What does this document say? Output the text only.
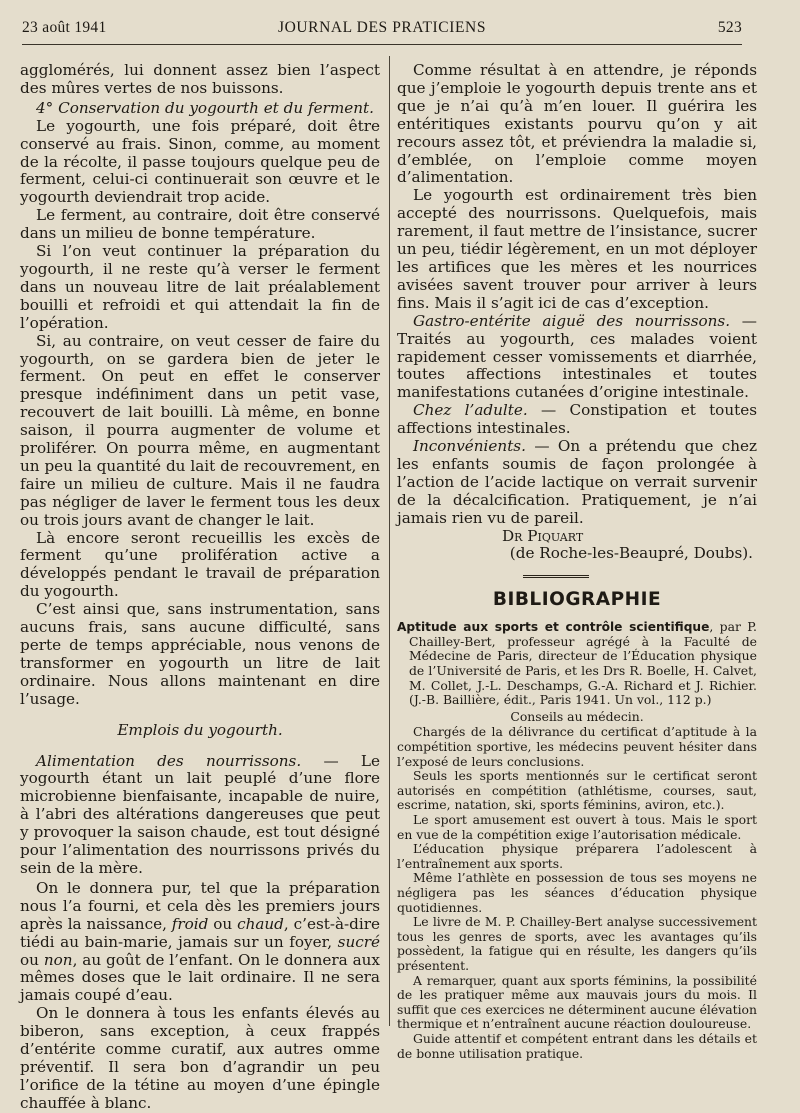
23 août 1941	JOURNAL DES PRATICIENS	523

agglomérés, lui donnent assez bien l’aspect des mûres vertes de nos buissons.

4° Conservation du yogourth et du ferment.

Le yogourth, une fois préparé, doit être conservé au frais. Sinon, comme, au moment de la récolte, il passe toujours quelque peu de ferment, celui-ci continuerait son œuvre et le yogourth deviendrait trop acide.

Le ferment, au contraire, doit être conservé dans un milieu de bonne température.

Si l’on veut continuer la préparation du yogourth, il ne reste qu’à verser le ferment dans un nouveau litre de lait préalablement bouilli et refroidi et qui attendait la fin de l’opération.

Si, au contraire, on veut cesser de faire du yogourth, on se gardera bien de jeter le ferment. On peut en effet le conserver presque indéfiniment dans un petit vase, recouvert de lait bouilli. Là même, en bonne saison, il pourra augmenter de volume et proliférer. On pourra même, en augmentant un peu la quantité du lait de recouvrement, en faire un milieu de culture. Mais il ne faudra pas négliger de laver le ferment tous les deux ou trois jours avant de changer le lait.

Là encore seront recueillis les excès de ferment qu’une prolifération active a développés pendant le travail de préparation du yogourth.

C’est ainsi que, sans instrumentation, sans aucuns frais, sans aucune difficulté, sans perte de temps appréciable, nous venons de transformer en yogourth un litre de lait ordinaire. Nous allons maintenant en dire l’usage.

Emplois du yogourth.

Alimentation des nourrissons. — Le yogourth étant un lait peuplé d’une flore microbienne bienfaisante, incapable de nuire, à l’abri des altérations dangereuses que peut y provoquer la saison chaude, est tout désigné pour l’alimentation des nourrissons privés du sein de la mère.

On le donnera pur, tel que la préparation nous l’a fourni, et cela dès les premiers jours après la naissance, froid ou chaud, c’est-à-dire tiédi au bain-marie, jamais sur un foyer, sucré ou non, au goût de l’enfant. On le donnera aux mêmes doses que le lait ordinaire. Il ne sera jamais coupé d’eau.

On le donnera à tous les enfants élevés au biberon, sans exception, à ceux frappés d’entérite comme curatif, aux autres omme préventif. Il sera bon d’agrandir un peu l’orifice de la tétine au moyen d’une épingle chauffée à blanc.

Comme résultat à en attendre, je réponds que j’emploie le yogourth depuis trente ans et que je n’ai qu’à m’en louer. Il guérira les entéritiques existants pourvu qu’on y ait recours assez tôt, et préviendra la maladie si, d’emblée, on l’emploie comme moyen d’alimentation.

Le yogourth est ordinairement très bien accepté des nourrissons. Quelquefois, mais rarement, il faut mettre de l’insistance, sucrer un peu, tiédir légèrement, en un mot déployer les artifices que les mères et les nourrices avisées savent trouver pour arriver à leurs fins. Mais il s’agit ici de cas d’exception.

Gastro-entérite aiguë des nourrissons. — Traités au yogourth, ces malades voient rapidement cesser vomissements et diarrhée, toutes affections intestinales et toutes manifestations cutanées d’origine intestinale.

Chez l’adulte. — Constipation et toutes affections intestinales.

Inconvénients. — On a prétendu que chez les enfants soumis de façon prolongée à l’action de l’acide lactique on verrait survenir de la décalcification. Pratiquement, je n’ai jamais rien vu de pareil.

Dr Piquart

(de Roche-les-Beaupré, Doubs).

BIBLIOGRAPHIE

Aptitude aux sports et contrôle scientifique, par P. Chailley-Bert, professeur agrégé à la Faculté de Médecine de Paris, directeur de l’Éducation physique de l’Université de Paris, et les Drs R. Boelle, H. Calvet, M. Collet, J.-L. Deschamps, G.-A. Richard et J. Richier. (J.-B. Baillière, édit., Paris 1941. Un vol., 112 p.)

Conseils au médecin.

Chargés de la délivrance du certificat d’aptitude à la compétition sportive, les médecins peuvent hésiter dans l’exposé de leurs conclusions.

Seuls les sports mentionnés sur le certificat seront autorisés en compétition (athlétisme, courses, saut, escrime, natation, ski, sports féminins, aviron, etc.).

Le sport amusement est ouvert à tous. Mais le sport en vue de la compétition exige l’autorisation médicale.

L’éducation physique préparera l’adolescent à l’entraînement aux sports.

Même l’athlète en possession de tous ses moyens ne négligera pas les séances d’éducation physique quotidiennes.

Le livre de M. P. Chailley-Bert analyse successivement tous les genres de sports, avec les avantages qu’ils possèdent, la fatigue qui en résulte, les dangers qu’ils présentent.

A remarquer, quant aux sports féminins, la possibilité de les pratiquer même aux mauvais jours du mois. Il suffit que ces exercices ne déterminent aucune élévation thermique et n’entraînent aucune réaction douloureuse.

Guide attentif et compétent entrant dans les détails et de bonne utilisation pratique.
